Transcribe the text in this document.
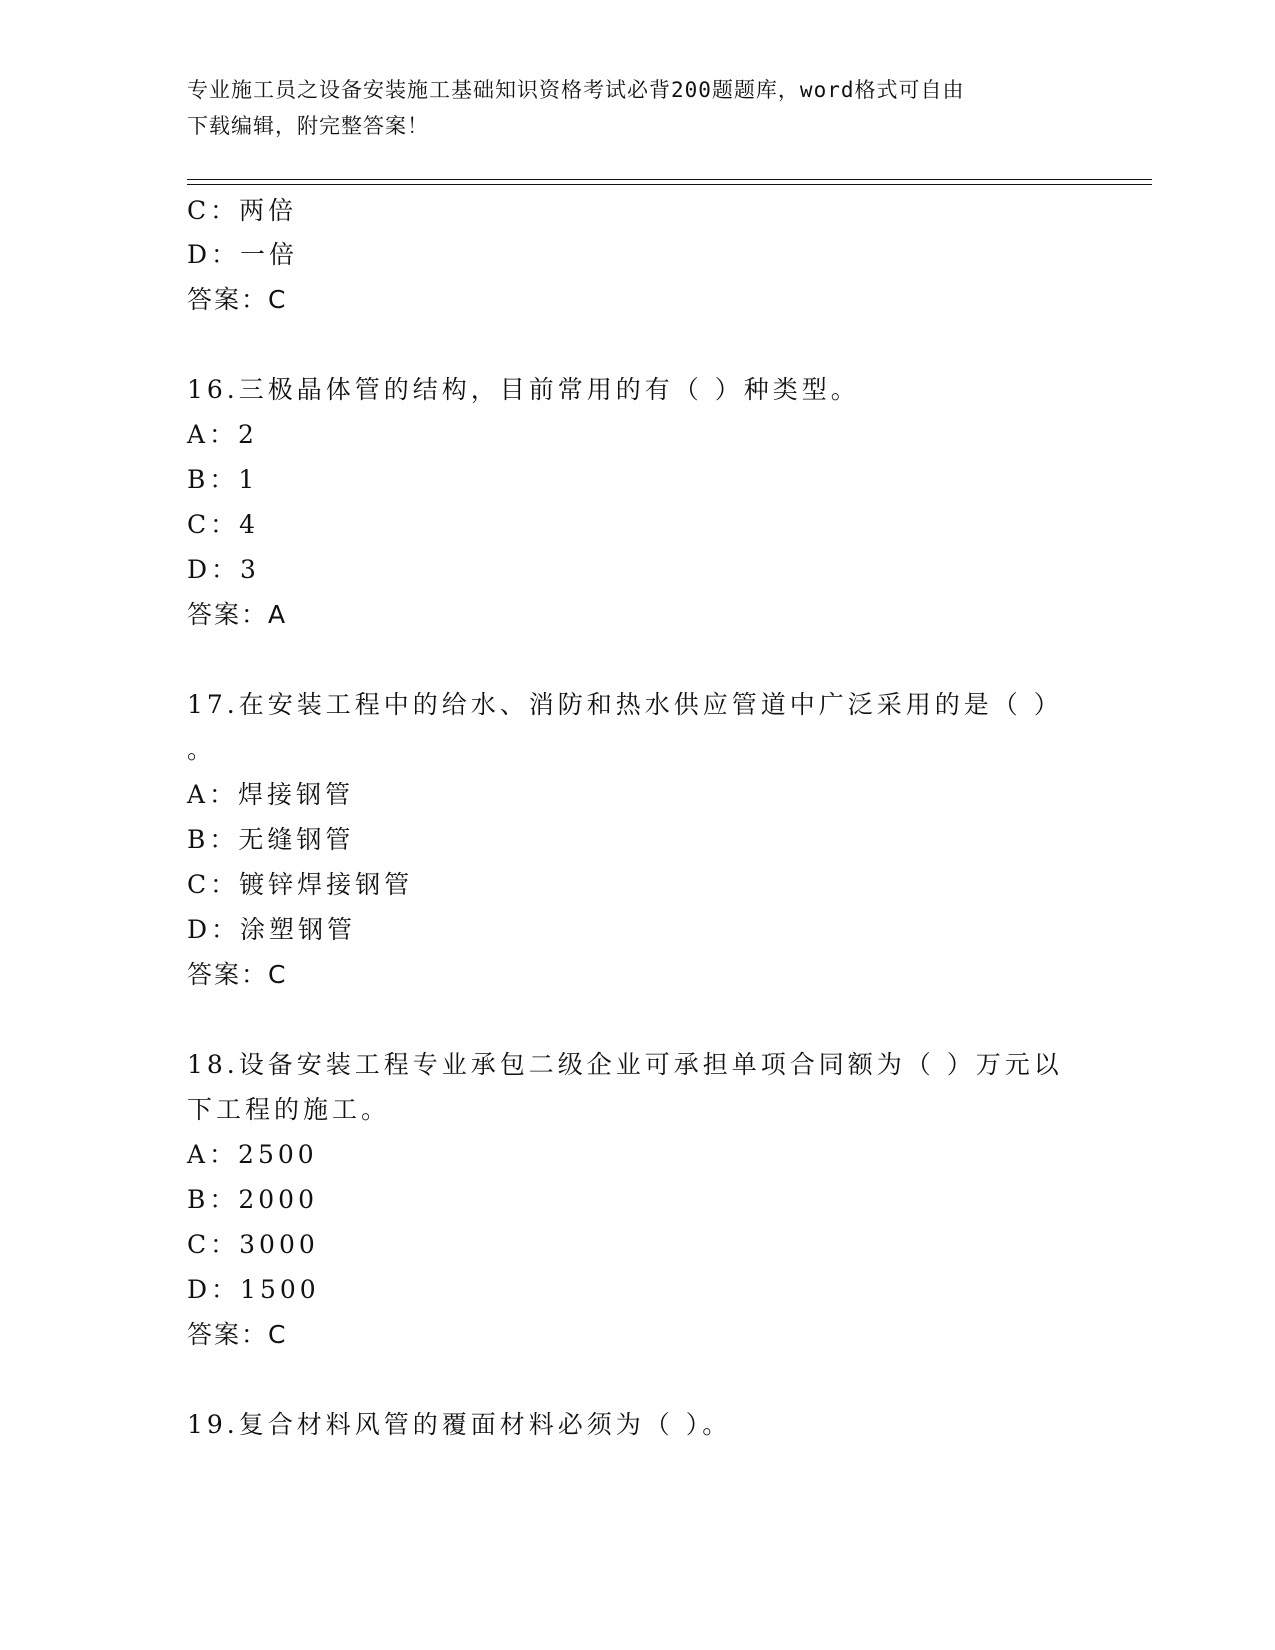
专业施工员之设备安装施工基础知识资格考试必背200题题库，word格式可自由
下载编辑，附完整答案！
C：两倍
D：一倍
答案：C
16.三极晶体管的结构，目前常用的有（ ）种类型。
A：2
B：1
C：4
D：3
答案：A
17.在安装工程中的给水、消防和热水供应管道中广泛采用的是（ ）
。
A：焊接钢管
B：无缝钢管
C：镀锌焊接钢管
D：涂塑钢管
答案：C
18.设备安装工程专业承包二级企业可承担单项合同额为（ ）万元以
下工程的施工。
A：2500
B：2000
C：3000
D：1500
答案：C
19.复合材料风管的覆面材料必须为（ ）。
